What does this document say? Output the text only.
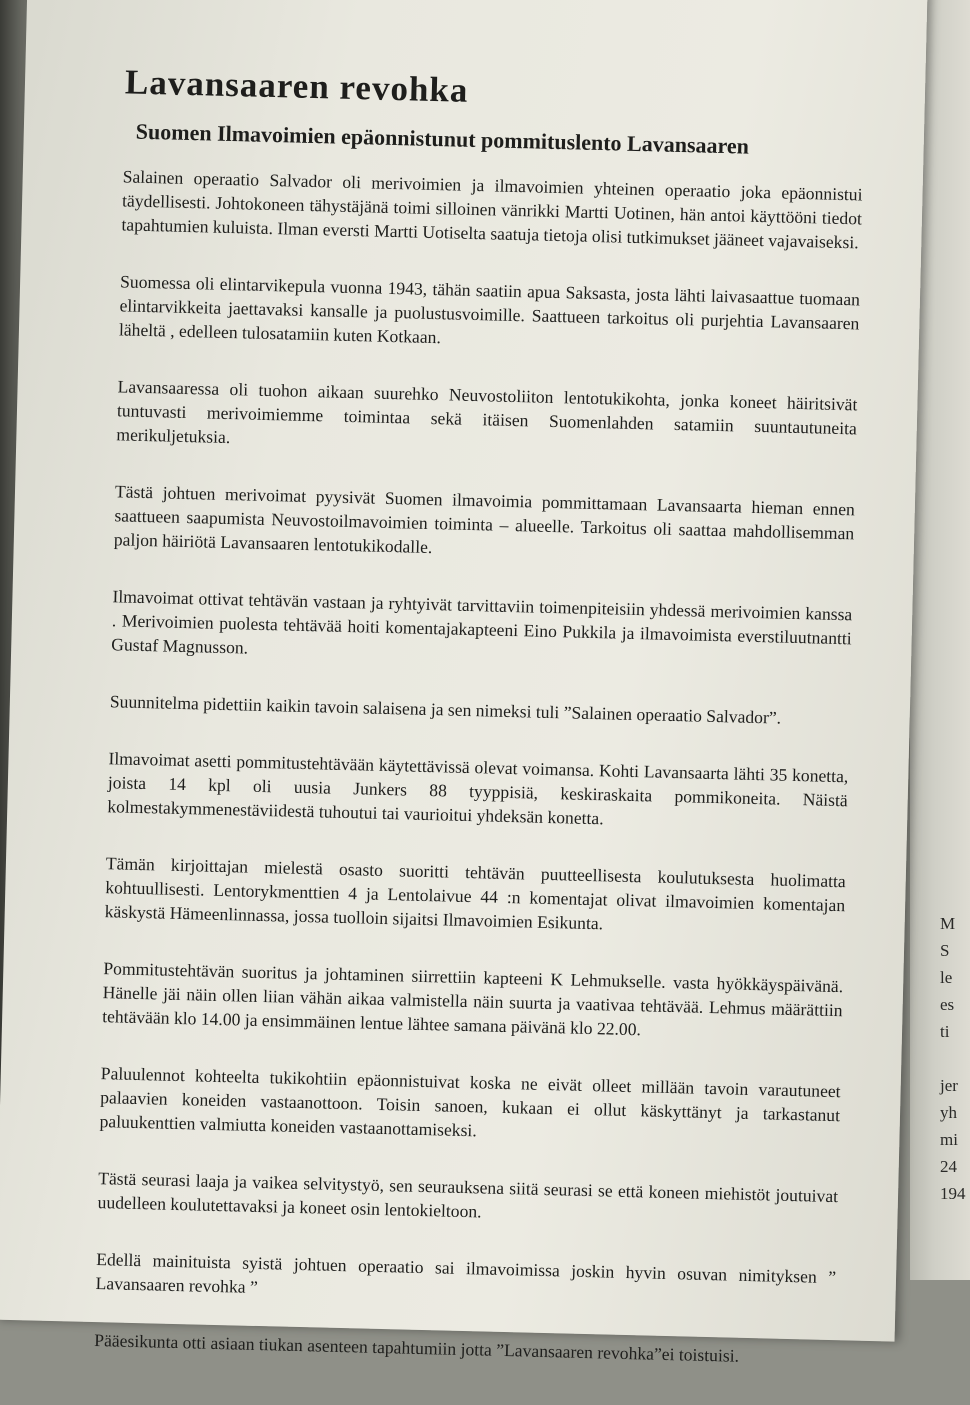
M
S
le
es
ti

jer
yh
mi
24
194
Lavansaaren revohka
Suomen Ilmavoimien epäonnistunut pommituslento Lavansaaren

Salainen operaatio Salvador oli merivoimien ja ilmavoimien yhteinen operaatio joka epäonnistui täydellisesti. Johtokoneen tähystäjänä toimi silloinen vänrikki Martti Uotinen, hän antoi käyttööni tiedot tapahtumien kuluista. Ilman eversti Martti Uotiselta saatuja tietoja olisi tutkimukset jääneet vajavaiseksi.

Suomessa oli elintarvikepula vuonna 1943, tähän saatiin apua Saksasta, josta lähti laivasaattue tuomaan elintarvikkeita jaettavaksi kansalle ja puolustusvoimille. Saattueen tarkoitus oli purjehtia Lavansaaren läheltä , edelleen tulosatamiin kuten Kotkaan.

Lavansaaressa oli tuohon aikaan suurehko Neuvostoliiton lentotukikohta, jonka koneet häiritsivät tuntuvasti merivoimiemme toimintaa sekä itäisen Suomenlahden satamiin suuntautuneita merikuljetuksia.

Tästä johtuen merivoimat pyysivät Suomen ilmavoimia pommittamaan Lavansaarta hieman ennen saattueen saapumista Neuvostoilmavoimien toiminta – alueelle. Tarkoitus oli saattaa mahdollisemman paljon häiriötä Lavansaaren lentotukikodalle.

Ilmavoimat ottivat tehtävän vastaan ja ryhtyivät tarvittaviin toimenpiteisiin yhdessä merivoimien kanssa . Merivoimien puolesta tehtävää hoiti komentajakapteeni Eino Pukkila ja ilmavoimista everstiluutnantti Gustaf Magnusson.

Suunnitelma pidettiin kaikin tavoin salaisena ja sen nimeksi tuli ”Salainen operaatio Salvador”.

Ilmavoimat asetti pommitustehtävään käytettävissä olevat voimansa. Kohti Lavansaarta lähti 35 konetta, joista 14 kpl oli uusia Junkers 88 tyyppisiä, keskiraskaita pommikoneita. Näistä kolmestakymmenestäviidestä tuhoutui tai vaurioitui yhdeksän konetta.

Tämän kirjoittajan mielestä osasto suoritti tehtävän puutteellisesta koulutuksesta huolimatta kohtuullisesti. Lentorykmenttien 4 ja Lentolaivue 44 :n komentajat olivat ilmavoimien komentajan käskystä Hämeenlinnassa, jossa tuolloin sijaitsi Ilmavoimien Esikunta.

Pommitustehtävän suoritus ja johtaminen siirrettiin kapteeni K Lehmukselle. vasta hyökkäyspäivänä. Hänelle jäi näin ollen liian vähän aikaa valmistella näin suurta ja vaativaa tehtävää. Lehmus määrättiin tehtävään klo 14.00 ja ensimmäinen lentue lähtee samana päivänä klo 22.00.

Paluulennot kohteelta tukikohtiin epäonnistuivat koska ne eivät olleet millään tavoin varautuneet palaavien koneiden vastaanottoon. Toisin sanoen, kukaan ei ollut käskyttänyt ja tarkastanut paluukenttien valmiutta koneiden vastaanottamiseksi.

Tästä seurasi laaja ja vaikea selvitystyö, sen seurauksena siitä seurasi se että koneen miehistöt joutuivat uudelleen koulutettavaksi ja koneet osin lentokieltoon.

Edellä mainituista syistä johtuen operaatio sai ilmavoimissa joskin hyvin osuvan nimityksen ” Lavansaaren revohka ”

Pääesikunta otti asiaan tiukan asenteen tapahtumiin jotta ”Lavansaaren revohka”ei toistuisi.
